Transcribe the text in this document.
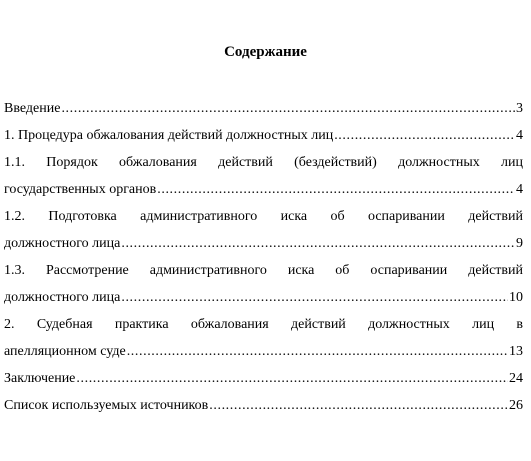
Содержание
Введение .....	3
1. Процедура обжалования действий должностных лиц .....	4
1.1. Порядок обжалования действий (бездействий) должностных лиц
государственных органов .....	4
1.2. Подготовка административного иска об оспаривании действий
должностного лица .....	9
1.3. Рассмотрение административного иска об оспаривании действий
должностного лица .....	10
2. Судебная практика обжалования действий должностных лиц в
апелляционном суде .....	13
Заключение .....	24
Список используемых источников .....	26
